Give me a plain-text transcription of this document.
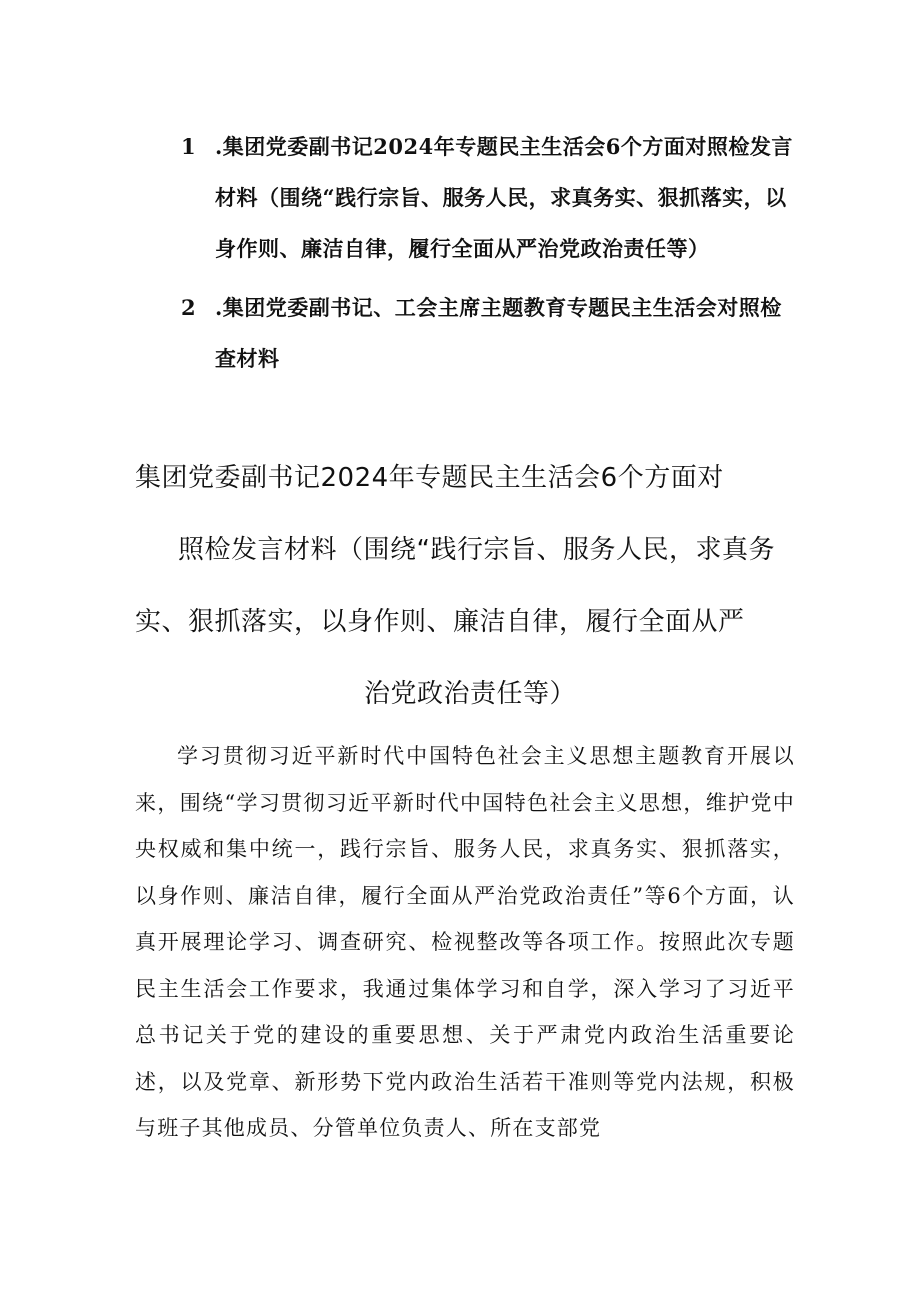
1 .集团党委副书记2024年专题民主生活会6个方面对照检发言材料（围绕“践行宗旨、服务人民，求真务实、狠抓落实，以身作则、廉洁自律，履行全面从严治党政治责任等）
2 .集团党委副书记、工会主席主题教育专题民主生活会对照检查材料
集团党委副书记2024年专题民主生活会6个方面对
照检发言材料（围绕“践行宗旨、服务人民，求真务
实、狠抓落实，以身作则、廉洁自律，履行全面从严
治党政治责任等）

学习贯彻习近平新时代中国特色社会主义思想主题教育开展以来，围绕“学习贯彻习近平新时代中国特色社会主义思想，维护党中央权威和集中统一，践行宗旨、服务人民，求真务实、狠抓落实，以身作则、廉洁自律，履行全面从严治党政治责任”等6个方面，认真开展理论学习、调查研究、检视整改等各项工作。按照此次专题民主生活会工作要求，我通过集体学习和自学，深入学习了习近平总书记关于党的建设的重要思想、关于严肃党内政治生活重要论述，以及党章、新形势下党内政治生活若干准则等党内法规，积极与班子其他成员、分管单位负责人、所在支部党
